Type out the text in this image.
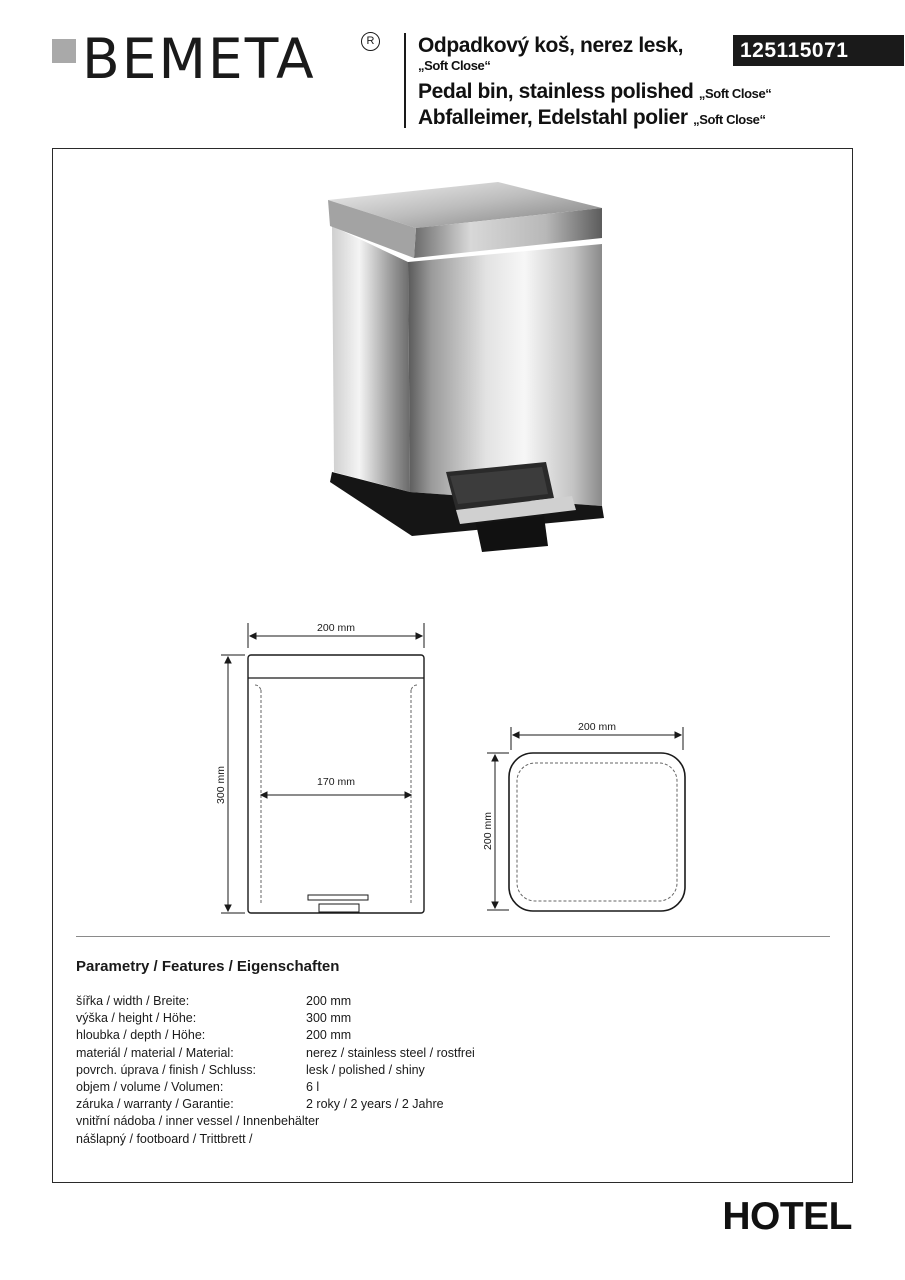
BEMETA	R Odpadkový koš, nerez lesk,
„Soft Close“
Pedal bin, stainless polished „Soft Close“
Abfalleimer, Edelstahl polier „Soft Close“
125115071
200 mm
170 mm
300 mm
200 mm
200 mm
Parametry / Features / Eigenschaften
šířka / width / Breite:	200 mm
výška / height / Höhe:	300 mm
hloubka / depth / Höhe:	200 mm
materiál / material / Material:	nerez / stainless steel / rostfrei
povrch. úprava / finish / Schluss:	lesk / polished / shiny
objem / volume / Volumen:	6 l
záruka / warranty / Garantie:	2 roky / 2 years / 2 Jahre
vnitřní nádoba / inner vessel / Innenbehälter
nášlapný / footboard / Trittbrett /
HOTEL
